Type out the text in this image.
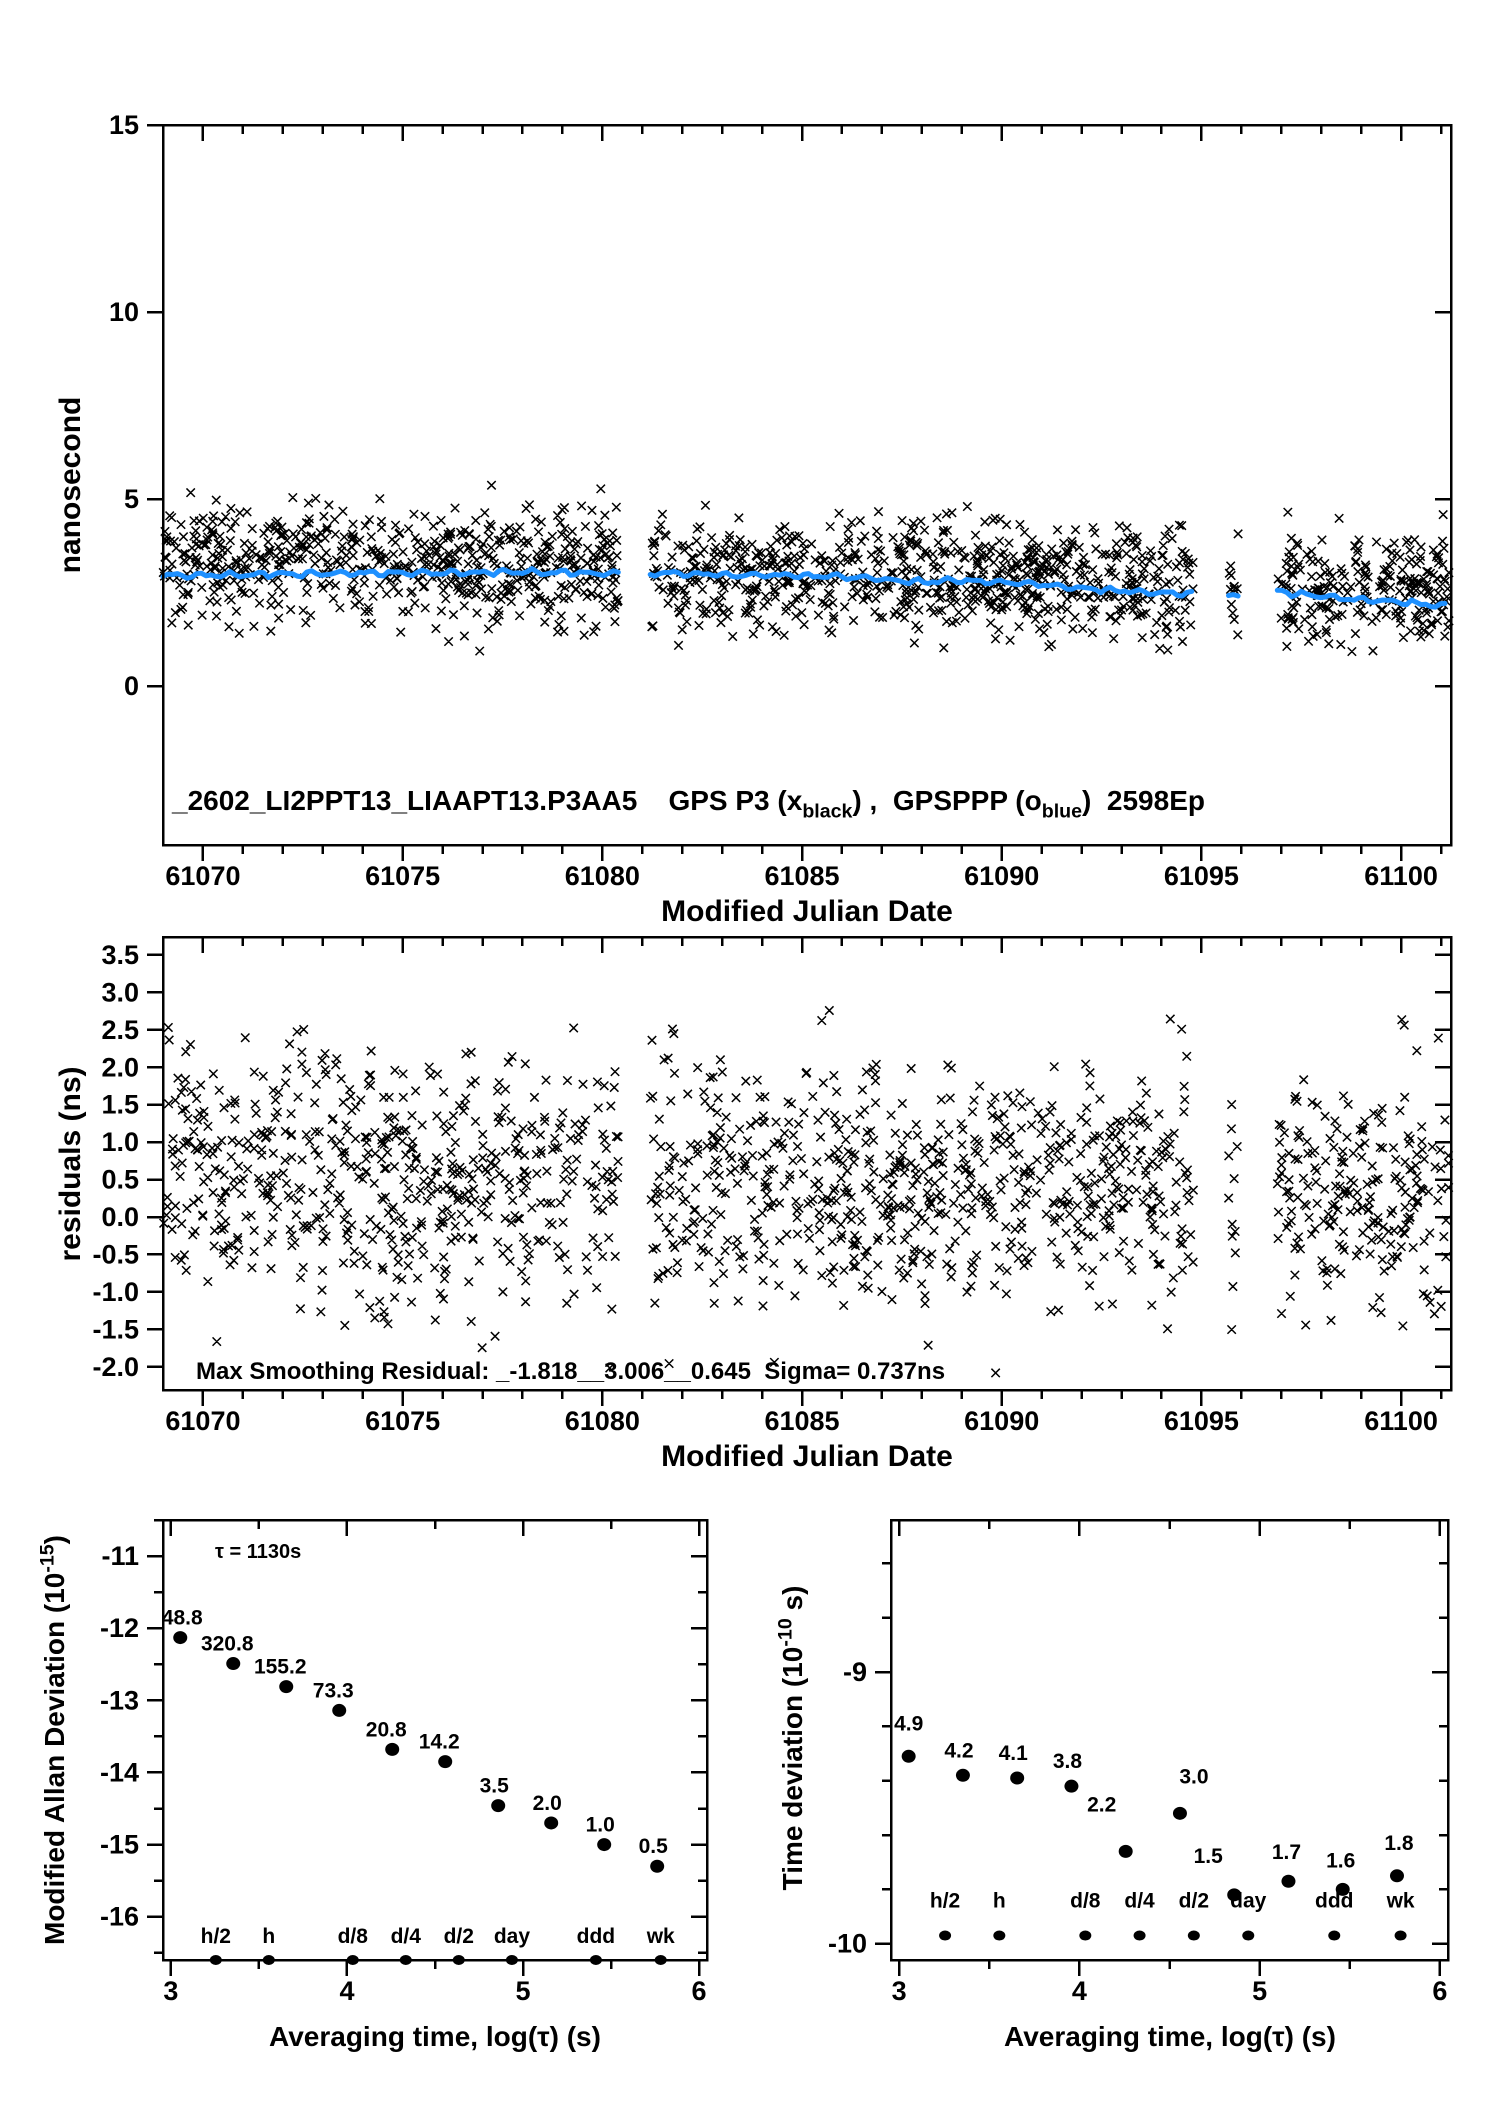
61070	61075	61080	61085	61090	61095	61100
0
5
10
15
Modified Julian Date
nanosecond
_2602_LI2PPT13_LIAAPT13.P3AA5    GPS P3 $(x_{black})$ ,  GPSPPP $(o_{blue})$  2598Ep
61070	61075	61080	61085	61090	61095	61100
3.5
3.0
2.5
2.0
1.5
1.0
0.5
0.0
-0.5
-1.0
-1.5
-2.0
Modified Julian Date
residuals (ns)
Max Smoothing Residual: _-1.818__3.006__0.645  Sigma= 0.737ns
3	4	5	6
-11
-12
-13
-14
-15
-16
Averaging time, log(τ) (s)
Modified Allan Deviation $(10^{-15})$
τ = 1130s
48.8
320.8
155.2
73.3
20.8
14.2
3.5
2.0
1.0
0.5
h/2 h	d/8 d/4 d/2 day ddd wk
3	4	5	6
-9
-10
Averaging time, log(τ) (s)
Time deviation ($10^{-10}$ s)
4.9
4.2 4.1 3.8
2.2
3.0
1.5 1.7 1.6
1.8
h/2 h	d/8 d/4 d/2 day ddd wk
